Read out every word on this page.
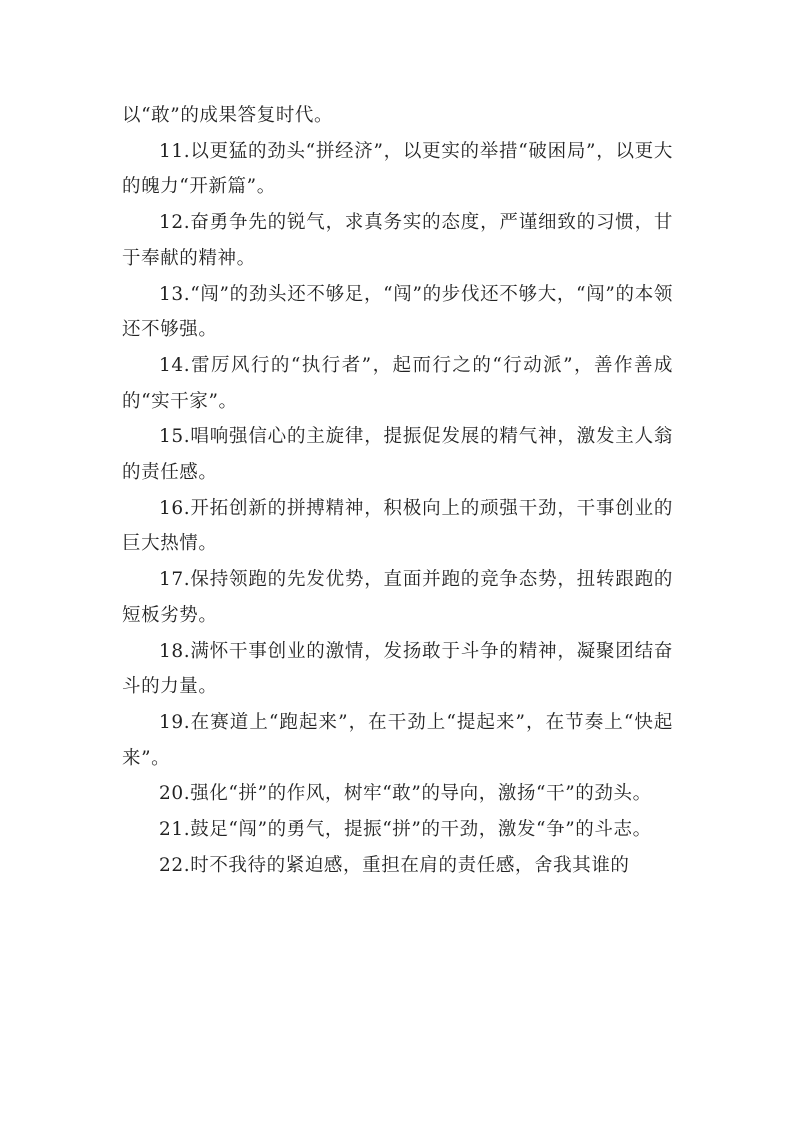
以“敢”的成果答复时代。

11.以更猛的劲头“拼经济”，以更实的举措“破困局”，以更大的魄力“开新篇”。

12.奋勇争先的锐气，求真务实的态度，严谨细致的习惯，甘于奉献的精神。

13.“闯”的劲头还不够足，“闯”的步伐还不够大，“闯”的本领还不够强。

14.雷厉风行的“执行者”，起而行之的“行动派”，善作善成的“实干家”。

15.唱响强信心的主旋律，提振促发展的精气神，激发主人翁的责任感。

16.开拓创新的拼搏精神，积极向上的顽强干劲，干事创业的巨大热情。

17.保持领跑的先发优势，直面并跑的竞争态势，扭转跟跑的短板劣势。

18.满怀干事创业的激情，发扬敢于斗争的精神，凝聚团结奋斗的力量。

19.在赛道上“跑起来”，在干劲上“提起来”，在节奏上“快起来”。

20.强化“拼”的作风，树牢“敢”的导向，激扬“干”的劲头。

21.鼓足“闯”的勇气，提振“拼”的干劲，激发“争”的斗志。

22.时不我待的紧迫感，重担在肩的责任感，舍我其谁的
